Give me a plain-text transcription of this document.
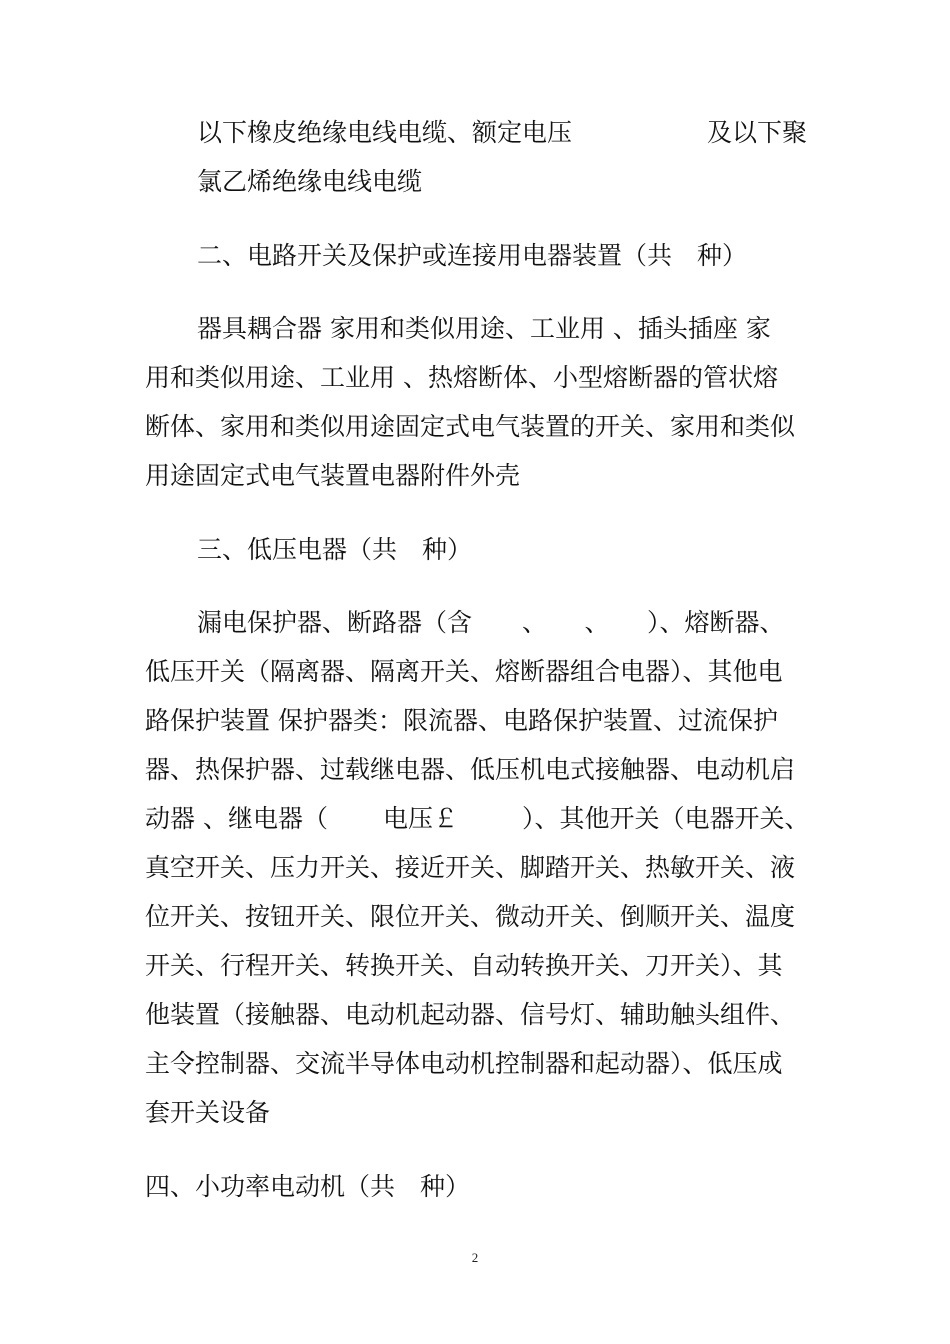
以下橡皮绝缘电线电缆、额定电压	及以下聚
氯乙烯绝缘电线电缆
二、电路开关及保护或连接用电器装置（共　种）
器具耦合器 家用和类似用途、工业用 、插头插座 家
用和类似用途、工业用 、热熔断体、小型熔断器的管状熔
断体、家用和类似用途固定式电气装置的开关、家用和类似
用途固定式电气装置电器附件外壳
三、低压电器（共　种）
漏电保护器、断路器（含　　、　　、　　）、熔断器、
低压开关（隔离器、隔离开关、熔断器组合电器）、其他电
路保护装置 保护器类：限流器、电路保护装置、过流保护
器、热保护器、过载继电器、低压机电式接触器、电动机启
动器 、继电器（ 电压￡	）、其他开关（电器开关、
真空开关、压力开关、接近开关、脚踏开关、热敏开关、液
位开关、按钮开关、限位开关、微动开关、倒顺开关、温度
开关、行程开关、转换开关、自动转换开关、刀开关）、其
他装置（接触器、电动机起动器、信号灯、辅助触头组件、
主令控制器、交流半导体电动机控制器和起动器）、低压成
套开关设备
四、小功率电动机（共　种）
2
